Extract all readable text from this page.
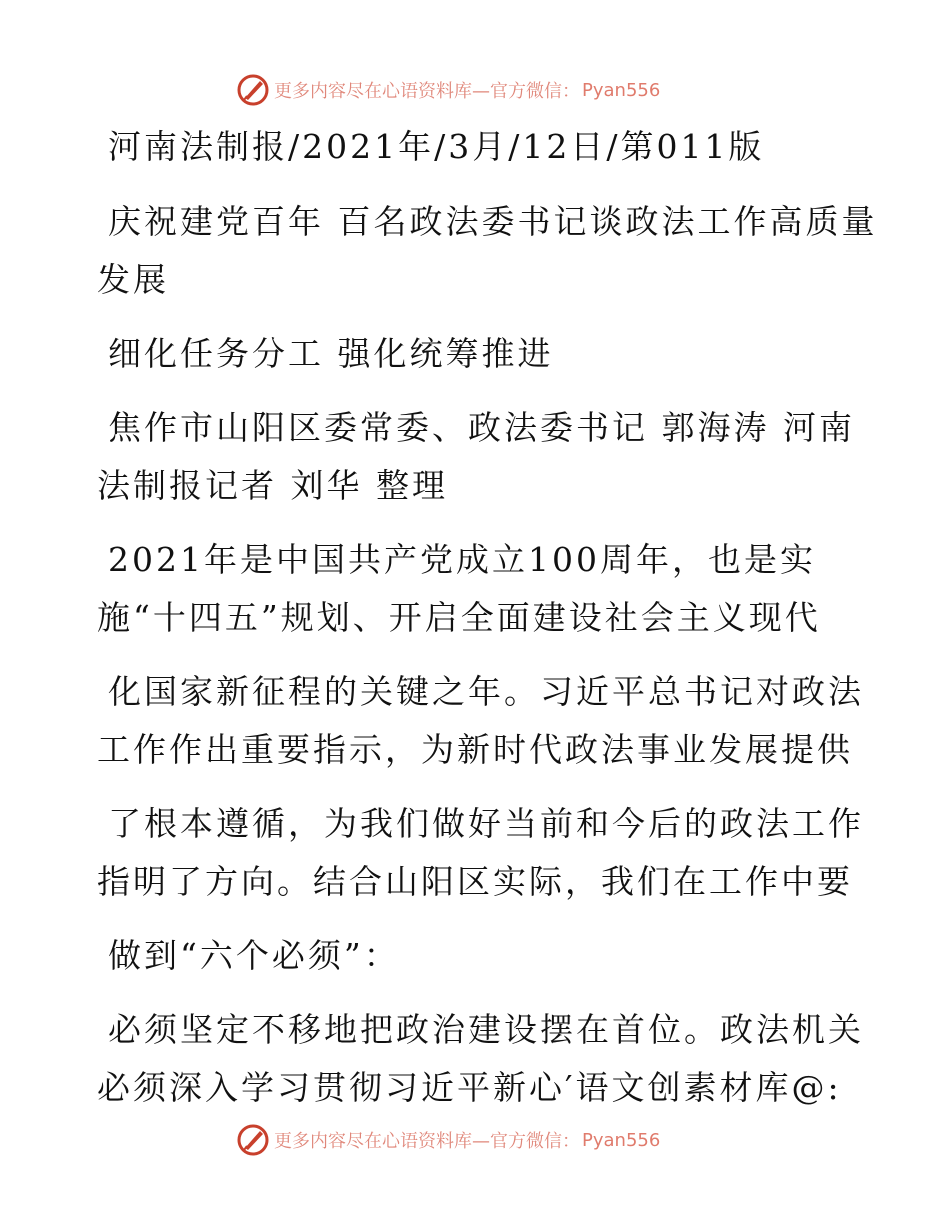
更多内容尽在心语资料库—官方微信： Pyan556
河南法制报/2021年/3月/12日/第011版
庆祝建党百年 百名政法委书记谈政法工作高质量
发展
细化任务分工 强化统筹推进
焦作市山阳区委常委、政法委书记 郭海涛 河南
法制报记者 刘华 整理
2021年是中国共产党成立100周年，也是实
施“十四五”规划、开启全面建设社会主义现代
化国家新征程的关键之年。习近平总书记对政法
工作作出重要指示，为新时代政法事业发展提供
了根本遵循，为我们做好当前和今后的政法工作
指明了方向。结合山阳区实际，我们在工作中要
做到“六个必须”：
必须坚定不移地把政治建设摆在首位。政法机关
必须深入学习贯彻习近平新心′语文创素材库@:
更多内容尽在心语资料库—官方微信： Pyan556
